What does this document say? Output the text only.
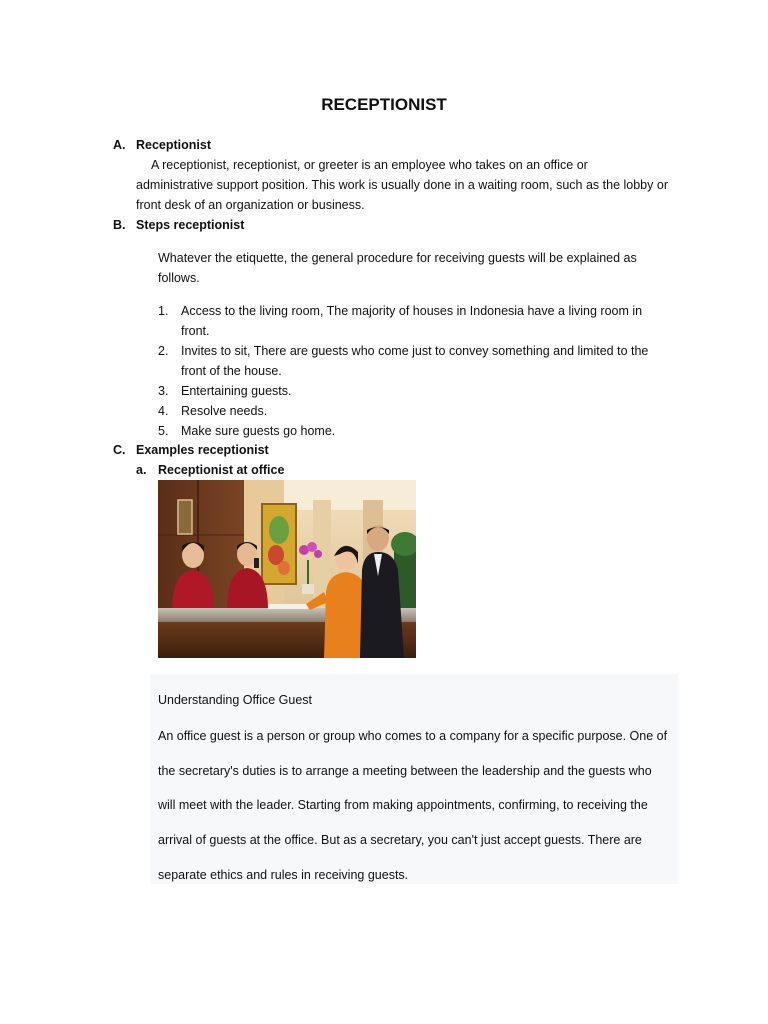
RECEPTIONIST
A. Receptionist
A receptionist, receptionist, or greeter is an employee who takes on an office or
administrative support position. This work is usually done in a waiting room, such as the lobby or
front desk of an organization or business.
B. Steps receptionist
Whatever the etiquette, the general procedure for receiving guests will be explained as
follows.
1. Access to the living room, The majority of houses in Indonesia have a living room in
front.
2. Invites to sit, There are guests who come just to convey something and limited to the
front of the house.
3. Entertaining guests.
4. Resolve needs.
5. Make sure guests go home.
C. Examples receptionist
a. Receptionist at office
Understanding Office Guest
An office guest is a person or group who comes to a company for a specific purpose. One of
the secretary's duties is to arrange a meeting between the leadership and the guests who
will meet with the leader. Starting from making appointments, confirming, to receiving the
arrival of guests at the office. But as a secretary, you can't just accept guests. There are
separate ethics and rules in receiving guests.
